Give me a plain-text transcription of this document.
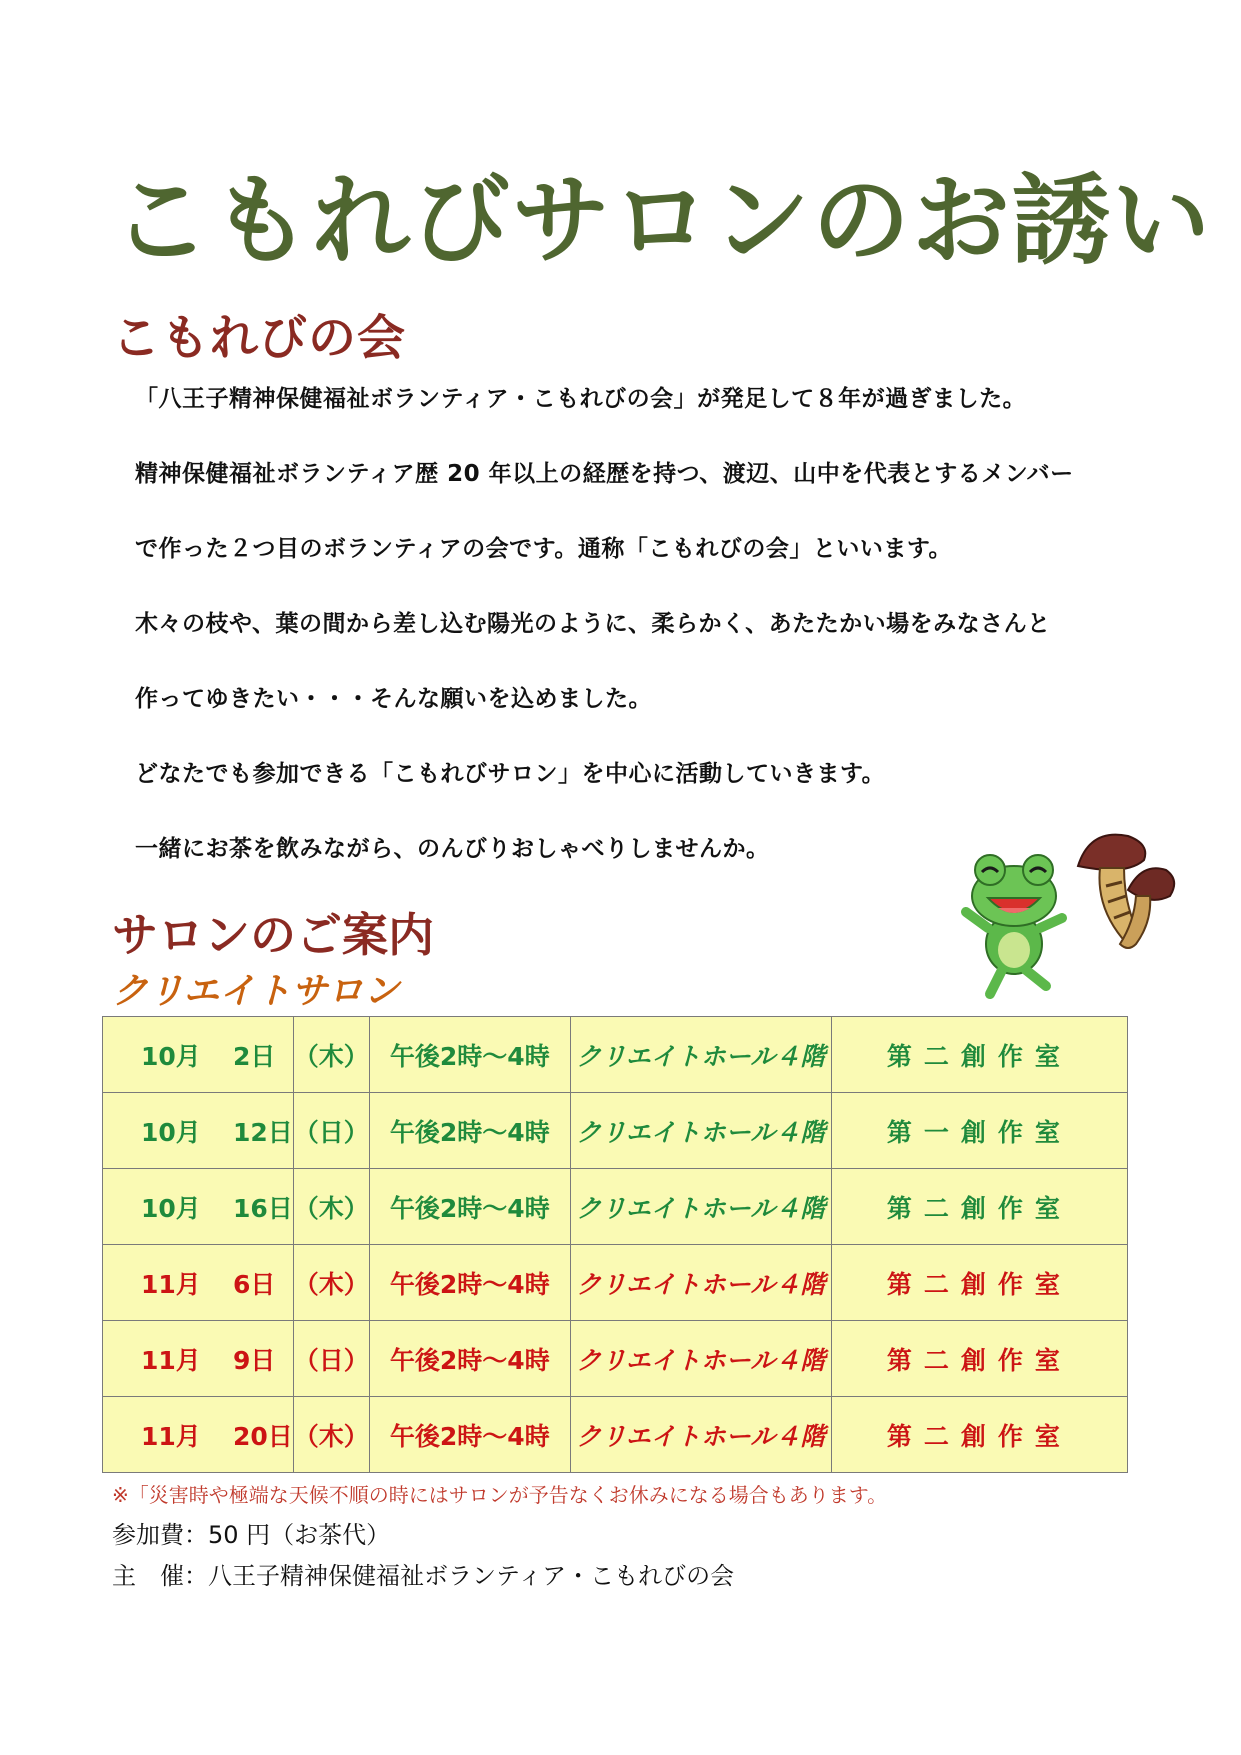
こもれびサロンのお誘い
こもれびの会

「八王子精神保健福祉ボランティア・こもれびの会」が発足して８年が過ぎました。

精神保健福祉ボランティア歴 20 年以上の経歴を持つ、渡辺、山中を代表とするメンバー

で作った２つ目のボランティアの会です。通称「こもれびの会」といいます。

木々の枝や、葉の間から差し込む陽光のように、柔らかく、あたたかい場をみなさんと

作ってゆきたい・・・そんな願いを込めました。

どなたでも参加できる「こもれびサロン」を中心に活動していきます。

一緒にお茶を飲みながら、のんびりおしゃべりしませんか。

サロンのご案内
クリエイトサロン
10月 2日	（木）	午後2時～4時	クリエイトホール４階	第二創作室
10月 12日	（日）	午後2時～4時	クリエイトホール４階	第一創作室
10月 16日	（木）	午後2時～4時	クリエイトホール４階	第二創作室
11月 6日	（木）	午後2時～4時	クリエイトホール４階	第二創作室
11月 9日	（日）	午後2時～4時	クリエイトホール４階	第二創作室
11月 20日	（木）	午後2時～4時	クリエイトホール４階	第二創作室

※「災害時や極端な天候不順の時にはサロンが予告なくお休みになる場合もあります。

参加費：50 円（お茶代）

主　催：八王子精神保健福祉ボランティア・こもれびの会
